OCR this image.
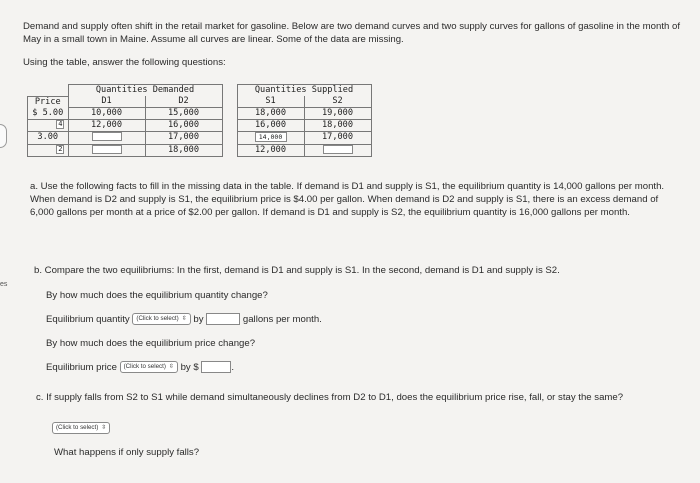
es

Demand and supply often shift in the retail market for gasoline. Below are two demand curves and two supply curves for gallons of gasoline in the month of May in a small town in Maine. Assume all curves are linear. Some of the data are missing.

Using the table, answer the following questions:

	Quantities Demanded			Quantities Supplied	
Price	D1	D2		S1	S2
$ 5.00	10,000	15,000		18,000	19,000
4	12,000	16,000		16,000	18,000
3.00		17,000		14,000	17,000
2		18,000		12,000	

a. Use the following facts to fill in the missing data in the table. If demand is D1 and supply is S1, the equilibrium quantity is 14,000 gallons per month. When demand is D2 and supply is S1, the equilibrium price is $4.00 per gallon. When demand is D2 and supply is S1, there is an excess demand of 6,000 gallons per month at a price of $2.00 per gallon. If demand is D1 and supply is S2, the equilibrium quantity is 16,000 gallons per month.

b. Compare the two equilibriums: In the first, demand is D1 and supply is S1. In the second, demand is D1 and supply is S2.

By how much does the equilibrium quantity change?

Equilibrium quantity (Click to select) ⇳ by	gallons per month.

By how much does the equilibrium price change?

Equilibrium price (Click to select) ⇳ by $	.

c. If supply falls from S2 to S1 while demand simultaneously declines from D2 to D1, does the equilibrium price rise, fall, or stay the same?

(Click to select) ⇳

What happens if only supply falls?
